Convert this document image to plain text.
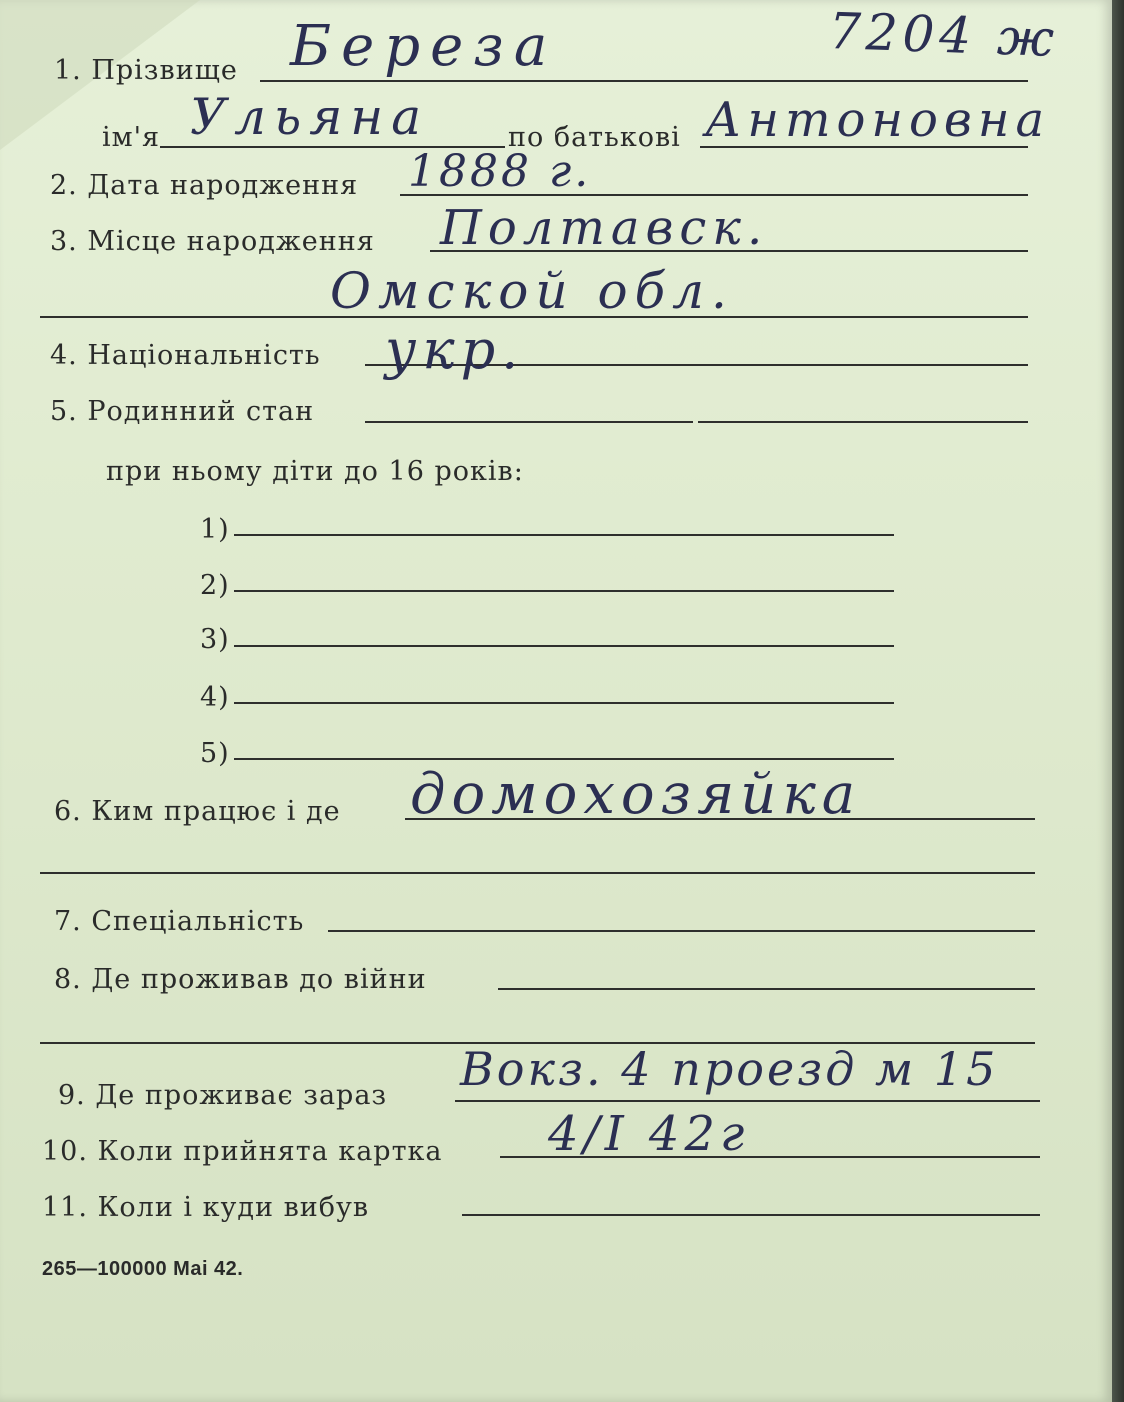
7204 ж
1. Прізвище Береза
ім'я Ульяна	по батькові Антоновна
2. Дата народження 1888 г.
3. Місце народження Полтавск.
Омской обл.
4. Національність укр.
5. Родинний стан
при ньому діти до 16 років:
1)
2)
3)
4)
5)
6. Ким працює і де домохозяйка
7. Спеціальність
8. Де проживав до війни
9. Де проживає зараз Вокз. 4 проезд м 15
10. Коли прийнята картка 4/І 42г
11. Коли і куди вибув
265—100000 Mai 42.
